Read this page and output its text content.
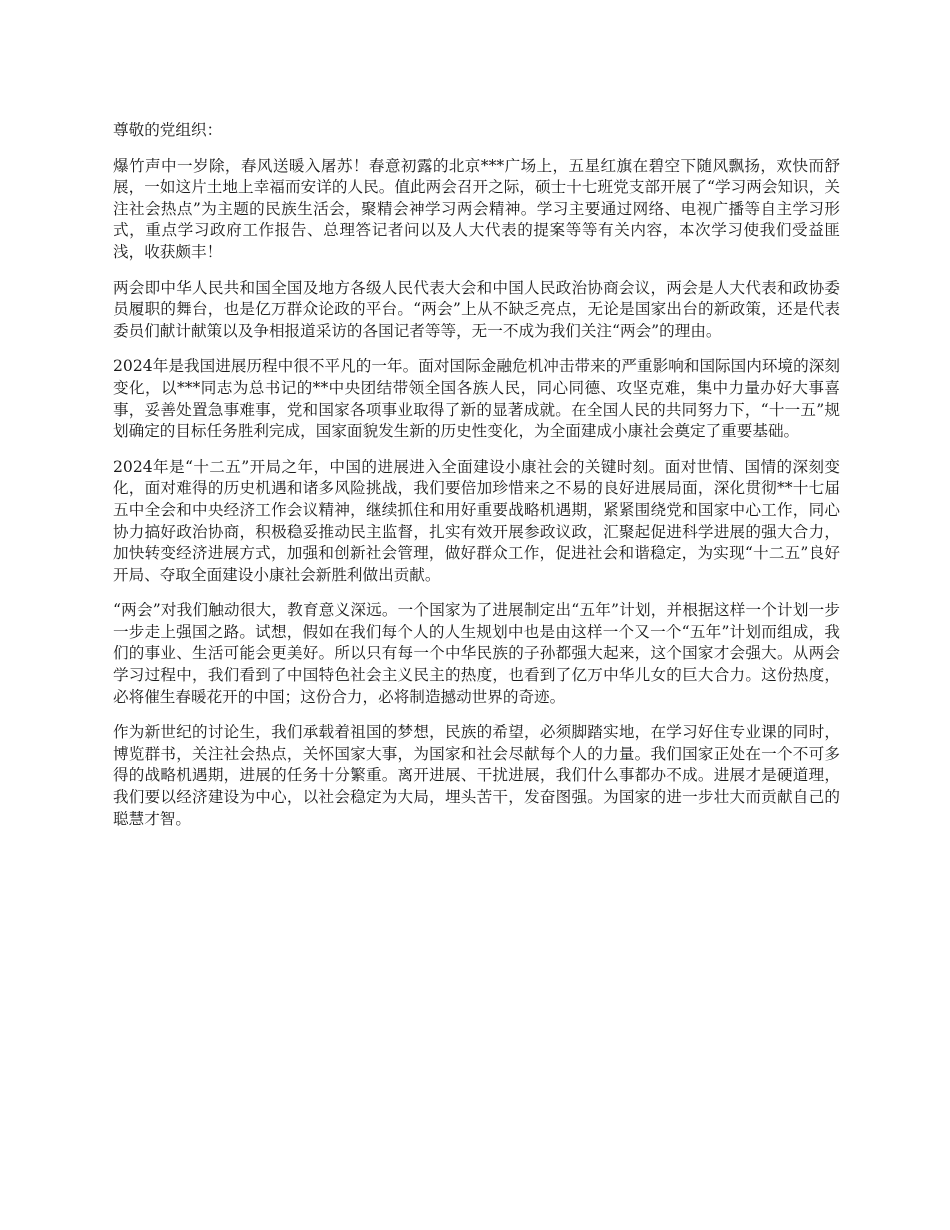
尊敬的党组织：

爆竹声中一岁除，春风送暖入屠苏！春意初露的北京***广场上，五星红旗在碧空下随风飘扬，欢快而舒展，一如这片土地上幸福而安详的人民。值此两会召开之际，硕士十七班党支部开展了“学习两会知识，关注社会热点”为主题的民族生活会，聚精会神学习两会精神。学习主要通过网络、电视广播等自主学习形式，重点学习政府工作报告、总理答记者问以及人大代表的提案等等有关内容，本次学习使我们受益匪浅，收获颇丰！

两会即中华人民共和国全国及地方各级人民代表大会和中国人民政治协商会议，两会是人大代表和政协委员履职的舞台，也是亿万群众论政的平台。“两会”上从不缺乏亮点，无论是国家出台的新政策，还是代表委员们献计献策以及争相报道采访的各国记者等等，无一不成为我们关注“两会”的理由。

2024年是我国进展历程中很不平凡的一年。面对国际金融危机冲击带来的严重影响和国际国内环境的深刻变化，以***同志为总书记的**中央团结带领全国各族人民，同心同德、攻坚克难，集中力量办好大事喜事，妥善处置急事难事，党和国家各项事业取得了新的显著成就。在全国人民的共同努力下，“十一五”规划确定的目标任务胜利完成，国家面貌发生新的历史性变化，为全面建成小康社会奠定了重要基础。

2024年是“十二五”开局之年，中国的进展进入全面建设小康社会的关键时刻。面对世情、国情的深刻变化，面对难得的历史机遇和诸多风险挑战，我们要倍加珍惜来之不易的良好进展局面，深化贯彻**十七届五中全会和中央经济工作会议精神，继续抓住和用好重要战略机遇期，紧紧围绕党和国家中心工作，同心协力搞好政治协商，积极稳妥推动民主监督，扎实有效开展参政议政，汇聚起促进科学进展的强大合力，加快转变经济进展方式，加强和创新社会管理，做好群众工作，促进社会和谐稳定，为实现“十二五”良好开局、夺取全面建设小康社会新胜利做出贡献。

“两会”对我们触动很大，教育意义深远。一个国家为了进展制定出“五年”计划，并根据这样一个计划一步一步走上强国之路。试想，假如在我们每个人的人生规划中也是由这样一个又一个“五年”计划而组成，我们的事业、生活可能会更美好。所以只有每一个中华民族的子孙都强大起来，这个国家才会强大。从两会学习过程中，我们看到了中国特色社会主义民主的热度，也看到了亿万中华儿女的巨大合力。这份热度，必将催生春暖花开的中国；这份合力，必将制造撼动世界的奇迹。

作为新世纪的讨论生，我们承载着祖国的梦想，民族的希望，必须脚踏实地，在学习好住专业课的同时，博览群书，关注社会热点，关怀国家大事，为国家和社会尽献每个人的力量。我们国家正处在一个不可多得的战略机遇期，进展的任务十分繁重。离开进展、干扰进展，我们什么事都办不成。进展才是硬道理，我们要以经济建设为中心，以社会稳定为大局，埋头苦干，发奋图强。为国家的进一步壮大而贡献自己的聪慧才智。
